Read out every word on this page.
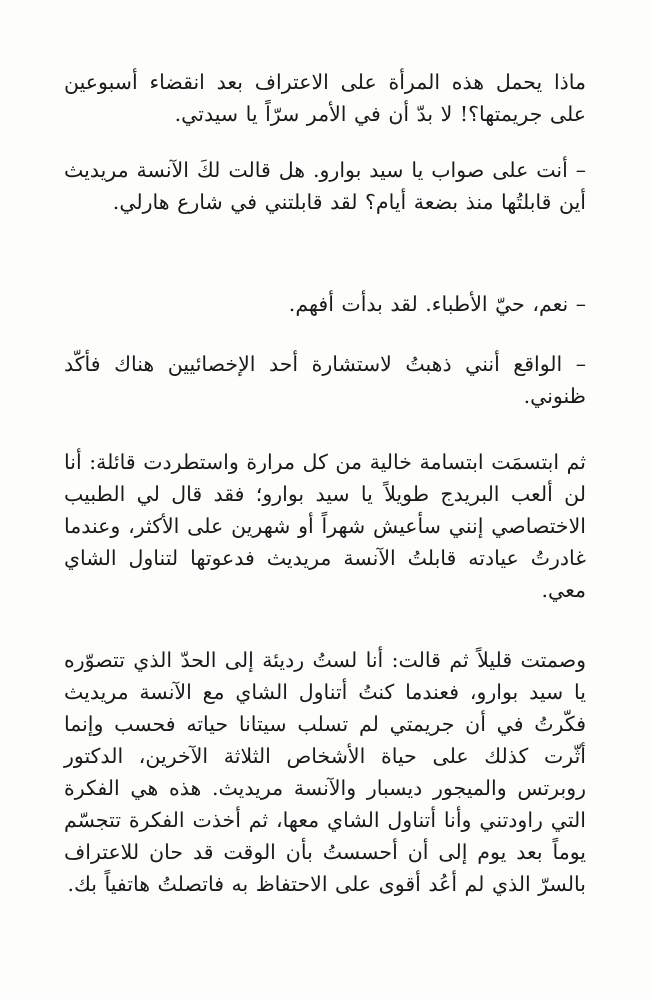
ماذا يحمل هذه المرأة على الاعتراف بعد انقضاء أسبوعين على جريمتها؟! لا بدّ أن في الأمر سرّاً يا سيدتي.

– أنت على صواب يا سيد بوارو. هل قالت لكَ الآنسة مريديث أين قابلتُها منذ بضعة أيام؟ لقد قابلتني في شارع هارلي.

– نعم، حيّ الأطباء. لقد بدأت أفهم.

– الواقع أنني ذهبتُ لاستشارة أحد الإخصائيين هناك فأكّد ظنوني.

ثم ابتسمَت ابتسامة خالية من كل مرارة واستطردت قائلة: أنا لن ألعب البريدج طويلاً يا سيد بوارو؛ فقد قال لي الطبيب الاختصاصي إنني سأعيش شهراً أو شهرين على الأكثر، وعندما غادرتُ عيادته قابلتُ الآنسة مريديث فدعوتها لتناول الشاي معي.

وصمتت قليلاً ثم قالت: أنا لستُ رديئة إلى الحدّ الذي تتصوّره يا سيد بوارو، فعندما كنتُ أتناول الشاي مع الآنسة مريديث فكّرتُ في أن جريمتي لم تسلب سيتانا حياته فحسب وإنما أثّرت كذلك على حياة الأشخاص الثلاثة الآخرين، الدكتور روبرتس والميجور ديسبار والآنسة مريديث. هذه هي الفكرة التي راودتني وأنا أتناول الشاي معها، ثم أخذت الفكرة تتجسّم يوماً بعد يوم إلى أن أحسستُ بأن الوقت قد حان للاعتراف بالسرّ الذي لم أعُد أقوى على الاحتفاظ به فاتصلتُ هاتفياً بك.
